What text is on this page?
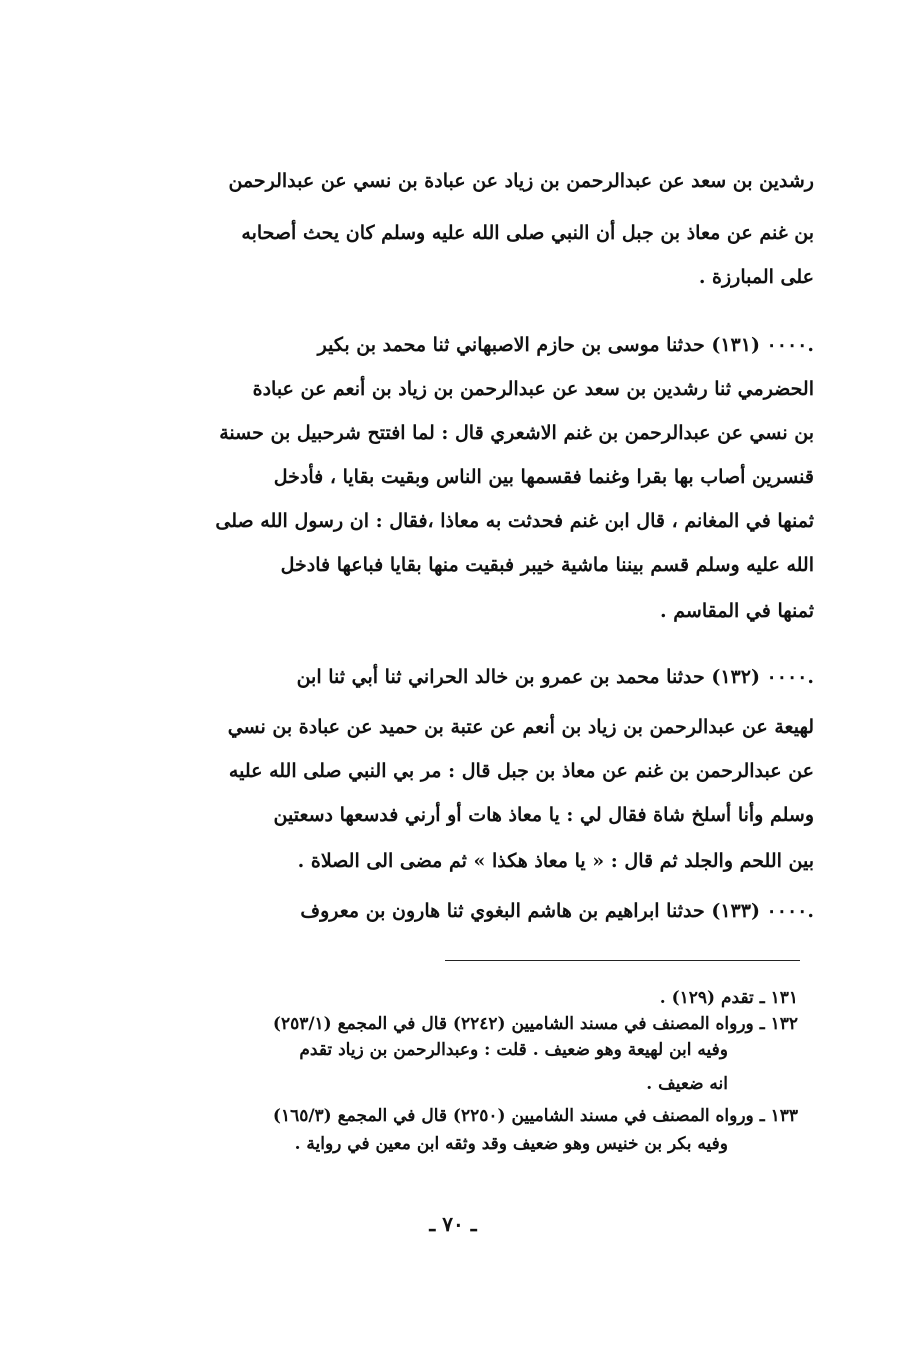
رشدين بن سعد عن عبدالرحمن بن زياد عن عبادة بن نسي عن عبدالرحمن
بن غنم عن معاذ بن جبل أن النبي صلى الله عليه وسلم كان يحث أصحابه
على المبارزة .
.٠٠٠٠ (١٣١) حدثنا موسى بن حازم الاصبهاني ثنا محمد بن بكير
الحضرمي ثنا رشدين بن سعد عن عبدالرحمن بن زياد بن أنعم عن عبادة
بن نسي عن عبدالرحمن بن غنم الاشعري قال : لما افتتح شرحبيل بن حسنة
قنسرين أصاب بها بقرا وغنما فقسمها بين الناس وبقيت بقايا ، فأدخل
ثمنها في المغانم ، قال ابن غنم فحدثت به معاذا ،فقال : ان رسول الله صلى
الله عليه وسلم قسم بيننا ماشية خيبر فبقيت منها بقايا فباعها فادخل
ثمنها في المقاسم .
.٠٠٠٠ (١٣٢) حدثنا محمد بن عمرو بن خالد الحراني ثنا أبي ثنا ابن
لهيعة عن عبدالرحمن بن زياد بن أنعم عن عتبة بن حميد عن عبادة بن نسي
عن عبدالرحمن بن غنم عن معاذ بن جبل قال : مر بي النبي صلى الله عليه
وسلم وأنا أسلخ شاة فقال لي : يا معاذ هات أو أرني فدسعها دسعتين
بين اللحم والجلد ثم قال : « يا معاذ هكذا » ثم مضى الى الصلاة .
.٠٠٠٠ (١٣٣) حدثنا ابراهيم بن هاشم البغوي ثنا هارون بن معروف
١٣١ ـ تقدم (١٢٩) .
١٣٢ ـ ورواه المصنف في مسند الشاميين (٢٢٤٢) قال في المجمع (٢٥٣/١)
وفيه ابن لهيعة وهو ضعيف . قلت : وعبدالرحمن بن زياد تقدم
انه ضعيف .
١٣٣ ـ ورواه المصنف في مسند الشاميين (٢٢٥٠) قال في المجمع (١٦٥/٣)
وفيه بكر بن خنيس وهو ضعيف وقد وثقه ابن معين في رواية .
ـ ٧٠ ـ
